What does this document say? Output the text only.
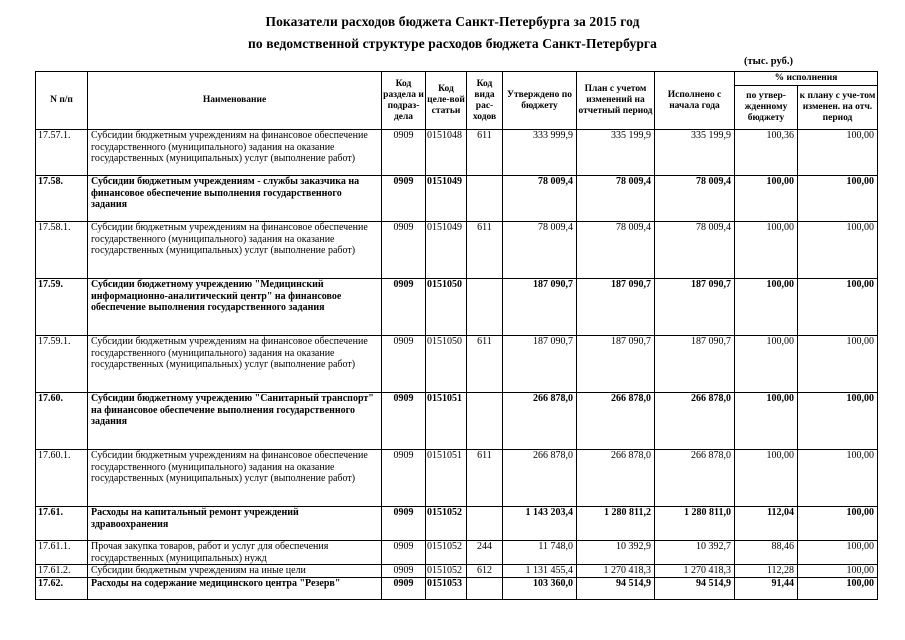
Показатели расходов бюджета Санкт-Петербурга за 2015 год
по ведомственной структуре расходов бюджета Санкт-Петербурга
(тыс. руб.)
N п/п	Наименование	Код раздела и подраз-дела	Код целе-вой статьи	Код вида рас-ходов	Утверждено по бюджету	План с учетом изменений на отчетный период	Исполнено с начала года	% исполнения	
								по утвер-жденному бюджету	к плану с уче-том изменен. на отч. период
17.57.1.	Субсидии бюджетным учреждениям на финансовое обеспечение государственного (муниципального) задания на оказание государственных (муниципальных) услуг (выполнение работ)	0909	0151048	611	333 999,9	335 199,9	335 199,9	100,36	100,00
17.58.	Субсидии бюджетным учреждениям - службы заказчика на финансовое обеспечение выполнения государственного задания	0909	0151049		78 009,4	78 009,4	78 009,4	100,00	100,00
17.58.1.	Субсидии бюджетным учреждениям на финансовое обеспечение государственного (муниципального) задания на оказание государственных (муниципальных) услуг (выполнение работ)	0909	0151049	611	78 009,4	78 009,4	78 009,4	100,00	100,00
17.59.	Субсидии бюджетному учреждению "Медицинский информационно-аналитический центр" на финансовое обеспечение выполнения государственного задания	0909	0151050		187 090,7	187 090,7	187 090,7	100,00	100,00
17.59.1.	Субсидии бюджетным учреждениям на финансовое обеспечение государственного (муниципального) задания на оказание государственных (муниципальных) услуг (выполнение работ)	0909	0151050	611	187 090,7	187 090,7	187 090,7	100,00	100,00
17.60.	Субсидии бюджетному учреждению "Санитарный транспорт" на финансовое обеспечение выполнения государственного задания	0909	0151051		266 878,0	266 878,0	266 878,0	100,00	100,00
17.60.1.	Субсидии бюджетным учреждениям на финансовое обеспечение государственного (муниципального) задания на оказание государственных (муниципальных) услуг (выполнение работ)	0909	0151051	611	266 878,0	266 878,0	266 878,0	100,00	100,00
17.61.	Расходы на капитальный ремонт учреждений здравоохранения	0909	0151052		1 143 203,4	1 280 811,2	1 280 811,0	112,04	100,00
17.61.1.	Прочая закупка товаров, работ и услуг для обеспечения государственных (муниципальных) нужд	0909	0151052	244	11 748,0	10 392,9	10 392,7	88,46	100,00
17.61.2.	Субсидии бюджетным учреждениям на иные цели	0909	0151052	612	1 131 455,4	1 270 418,3	1 270 418,3	112,28	100,00
17.62.	Расходы на содержание медицинского центра "Резерв"	0909	0151053		103 360,0	94 514,9	94 514,9	91,44	100,00
